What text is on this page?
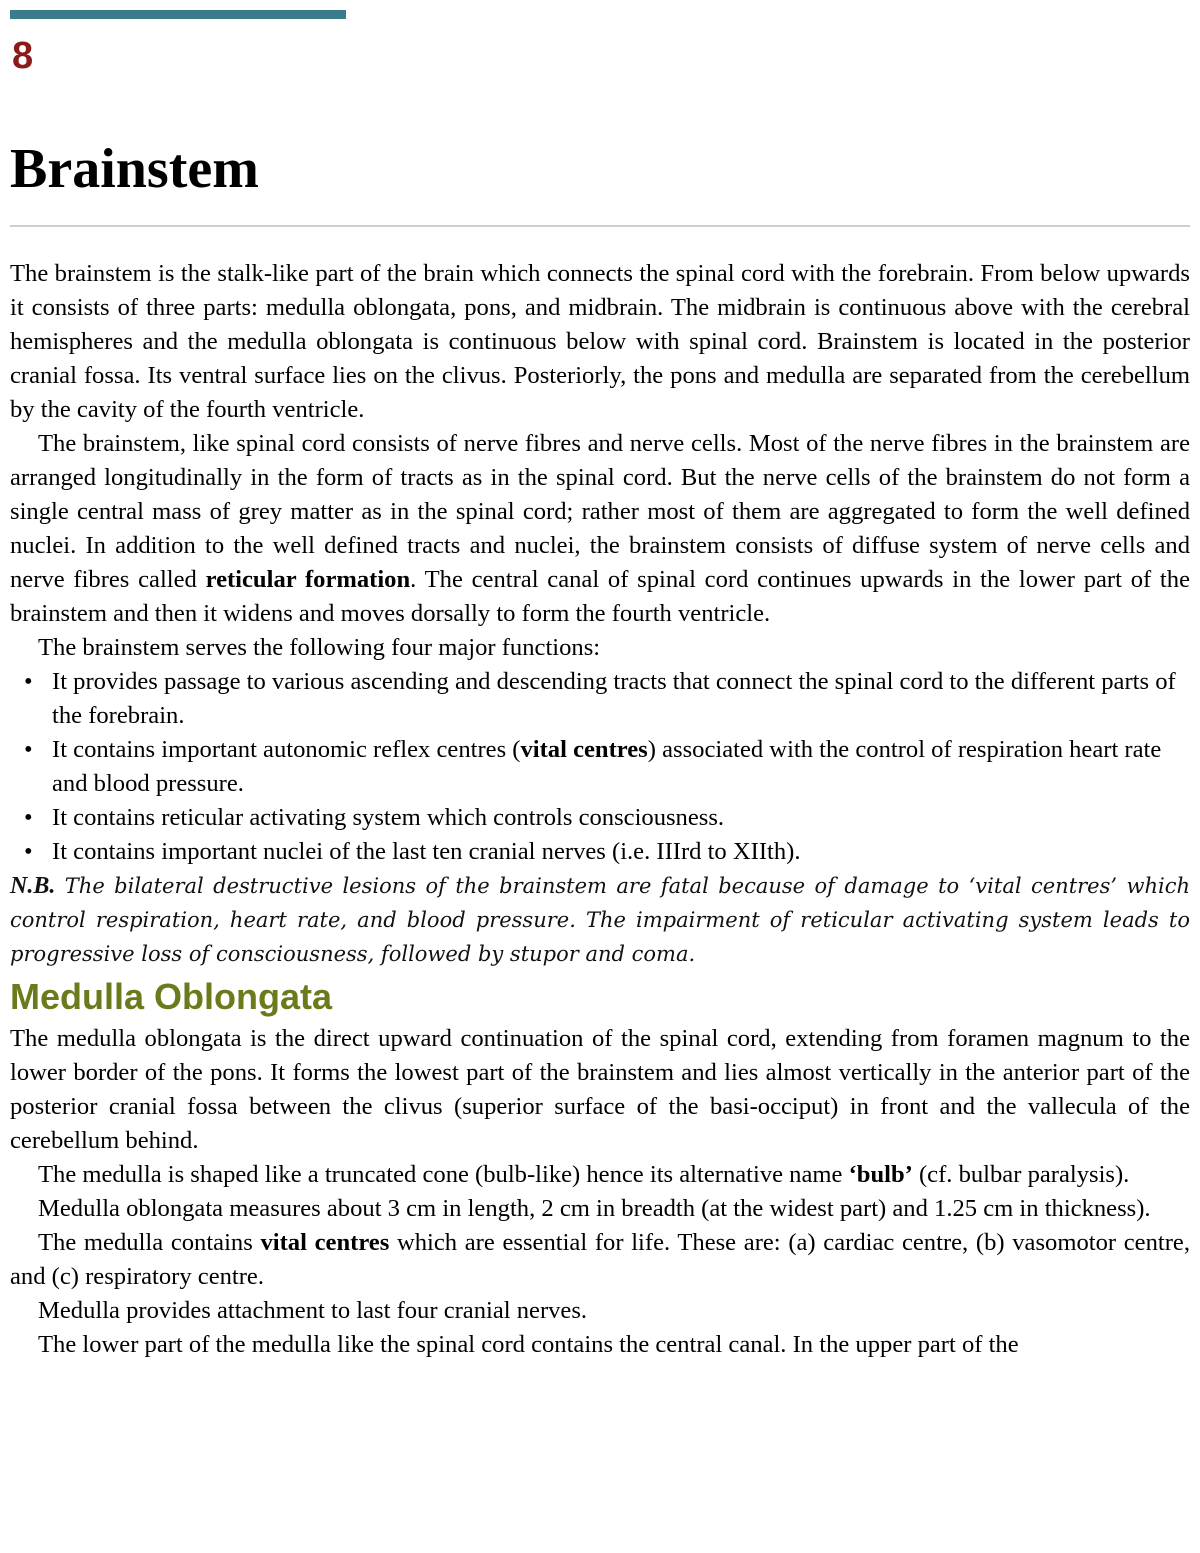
8
Brainstem

The brainstem is the stalk-like part of the brain which connects the spinal cord with the forebrain. From below upwards it consists of three parts: medulla oblongata, pons, and midbrain. The midbrain is continuous above with the cerebral hemispheres and the medulla oblongata is continuous below with spinal cord. Brainstem is located in the posterior cranial fossa. Its ventral surface lies on the clivus. Posteriorly, the pons and medulla are separated from the cerebellum by the cavity of the fourth ventricle.

The brainstem, like spinal cord consists of nerve fibres and nerve cells. Most of the nerve fibres in the brainstem are arranged longitudinally in the form of tracts as in the spinal cord. But the nerve cells of the brainstem do not form a single central mass of grey matter as in the spinal cord; rather most of them are aggregated to form the well defined nuclei. In addition to the well defined tracts and nuclei, the brainstem consists of diffuse system of nerve cells and nerve fibres called reticular formation. The central canal of spinal cord continues upwards in the lower part of the brainstem and then it widens and moves dorsally to form the fourth ventricle.

The brainstem serves the following four major functions:

• It provides passage to various ascending and descending tracts that connect the spinal cord to the different parts of the forebrain.
• It contains important autonomic reflex centres (vital centres) associated with the control of respiration heart rate and blood pressure.
• It contains reticular activating system which controls consciousness.
• It contains important nuclei of the last ten cranial nerves (i.e. IIIrd to XIIth).

N.B. The bilateral destructive lesions of the brainstem are fatal because of damage to ‘vital centres’ which control respiration, heart rate, and blood pressure. The impairment of reticular activating system leads to progressive loss of consciousness, followed by stupor and coma.

Medulla Oblongata

The medulla oblongata is the direct upward continuation of the spinal cord, extending from foramen magnum to the lower border of the pons. It forms the lowest part of the brainstem and lies almost vertically in the anterior part of the posterior cranial fossa between the clivus (superior surface of the basi-occiput) in front and the vallecula of the cerebellum behind.

The medulla is shaped like a truncated cone (bulb-like) hence its alternative name ‘bulb’ (cf. bulbar paralysis).

Medulla oblongata measures about 3 cm in length, 2 cm in breadth (at the widest part) and 1.25 cm in thickness).

The medulla contains vital centres which are essential for life. These are: (a) cardiac centre, (b) vasomotor centre, and (c) respiratory centre.

Medulla provides attachment to last four cranial nerves.

The lower part of the medulla like the spinal cord contains the central canal. In the upper part of the
